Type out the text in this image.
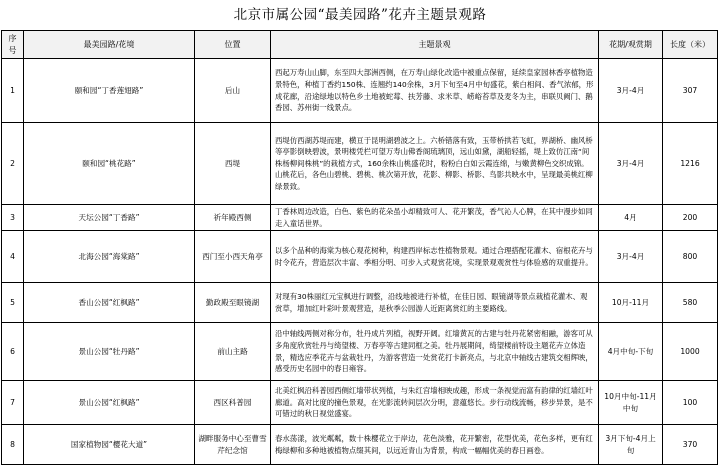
北京市属公园“最美园路”花卉主题景观路
序号	最美园路/花境	位置	主题景观	花期/观赏期	长度（米）
1	颐和园“丁香莲翅路”	后山	西起万寿山山脚，东至四大部洲西侧，在万寿山绿化改造中被重点保留，延续皇家园林香亭植物造景特色，种植丁香约150株、连翘约140余株，3月下旬至4月中旬盛花，紫白相间、香气浓郁，形成花廊，沿途绿地以特色乡土地被蛇莓、扶芳藤、求米草、崂峪苔草及麦冬为主，串联贝阙门、鹅香园、苏州街一线景点。	3月-4月	307
2	颐和园“桃花路”	西堤	西堤仿西湖苏堤而建，横亘于昆明湖碧波之上。六桥错落有致，玉带桥拱若飞虹，界湖桥、幽风桥等亭影倒映碧波，景明楼凭栏可望万寿山佛香阁琉璃顶，远山如黛，湖船轻摇，堤上致仿江南“间株杨柳间株桃”的栽植方式，160余株山桃盛花时，粉粉白白如云霞连绵，与嫩黄柳色交织成锦。山桃花后，各色山碧桃、碧桃、桃次第开放，花影、柳影、桥影、鸟影共映水中，呈现最美桃红柳绿景致。	3月-4月	1216
3	天坛公园“丁香路”	祈年殿西侧	丁香林周边改造，白色、紫色的花朵虽小却精致可人、花开繁茂，香气沁人心脾，在其中漫步如同走入童话世界。	4月	200
4	北海公园“海棠路”	西门至小西天角亭	以多个品种的海棠为核心观花树种，构建西岸标志性植物景观。通过合理搭配花灌木、宿根花卉与时令花卉，营造层次丰富、季相分明、可步入式观赏花境，实现景观观赏性与体验感的双重提升。	3月-4月	800
5	香山公园“红枫路”	勤政殿至眼镜湖	对现有30株丽红元宝枫进行调整，沿线地被进行补植，在佳日园、眼镜湖等景点栽植花灌木、观赏草，增加红叶彩叶景观营造，是秋季公园游人近距离赏红的主要路线。	10月-11月	580
6	景山公园“牡丹路”	前山主路	沿中轴线两侧对称分布，牡丹成片列植，视野开阔。红墙黄瓦的古建与牡丹花紧密相融，游客可从多角度欣赏牡丹与绮望楼、万春亭等古建同框之美。牡丹展期间，绮望楼前特设主题花卉立体造景，精选应季花卉与盆栽牡丹，为游客营造一处赏花打卡新亮点，与北京中轴线古建筑交相辉映，感受历史名园中的春日雍容。	4月中旬-下旬	1000
7	景山公园“红枫路”	西区科普园	北美红枫沿科普园西侧红墙带状列植，与朱红宫墙相映成趣，形成一条视觉而富有韵律的红墙红叶廊道。高对比度的撞色景观，在光影流转间层次分明，意蕴悠长。步行动线流畅，移步异景，是不可错过的秋日视觉盛宴。	10月中旬-11月中旬	100
8	国家植物园“樱花大道”	湖畔服务中心至曹雪芹纪念馆	春水荡漾，波光粼粼，数十株樱花立于岸边，花色淡雅，花开繁密，花型优美，花色多样，更有红梅绿柳和多种地被植物点缀其间，以远近青山为背景，构成一幅幅优美的春日画卷。	3月下旬-4月上旬	370
